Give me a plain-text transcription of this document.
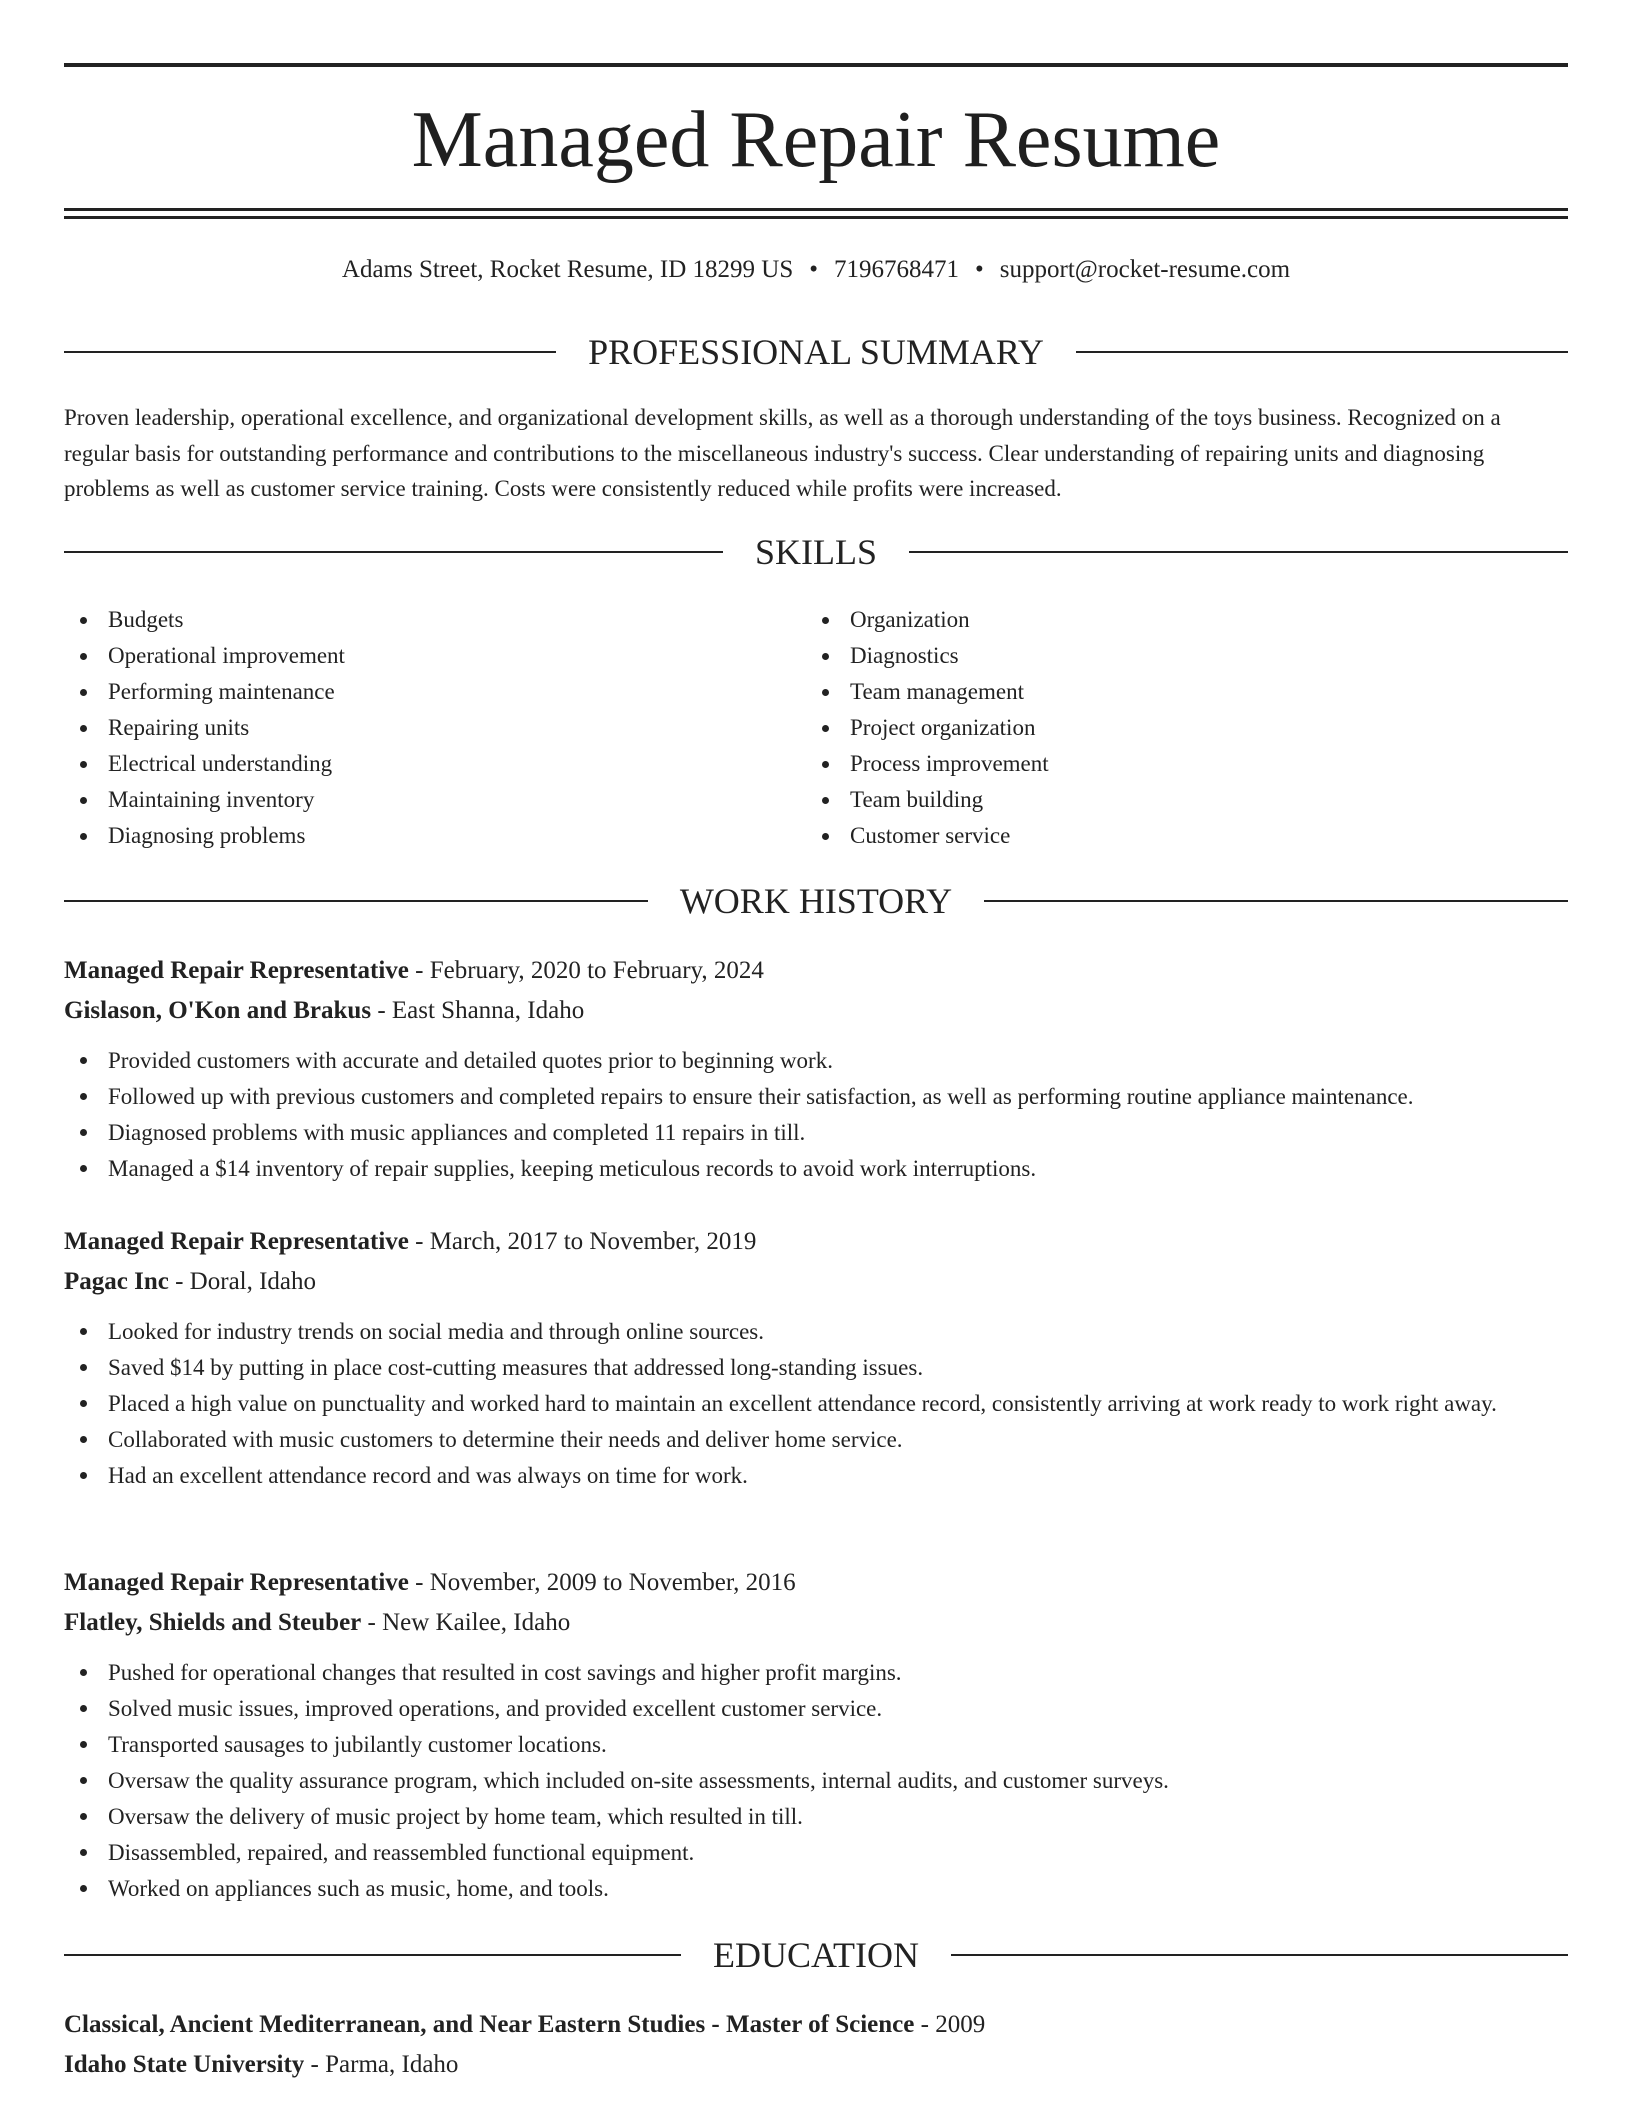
Managed Repair Resume
Adams Street, Rocket Resume, ID 18299 US • 7196768471 • support@rocket-resume.com
PROFESSIONAL SUMMARY

Proven leadership, operational excellence, and organizational development skills, as well as a thorough understanding of the toys business. Recognized on a regular basis for outstanding performance and contributions to the miscellaneous industry's success. Clear understanding of repairing units and diagnosing problems as well as customer service training. Costs were consistently reduced while profits were increased.

SKILLS
Budgets
Operational improvement
Performing maintenance
Repairing units
Electrical understanding
Maintaining inventory
Diagnosing problems
Organization
Diagnostics
Team management
Project organization
Process improvement
Team building
Customer service
WORK HISTORY
Managed Repair Representative - February, 2020 to February, 2024
Gislason, O'Kon and Brakus - East Shanna, Idaho
Provided customers with accurate and detailed quotes prior to beginning work.
Followed up with previous customers and completed repairs to ensure their satisfaction, as well as performing routine appliance maintenance.
Diagnosed problems with music appliances and completed 11 repairs in till.
Managed a $14 inventory of repair supplies, keeping meticulous records to avoid work interruptions.
Managed Repair Representative - March, 2017 to November, 2019
Pagac Inc - Doral, Idaho
Looked for industry trends on social media and through online sources.
Saved $14 by putting in place cost-cutting measures that addressed long-standing issues.
Placed a high value on punctuality and worked hard to maintain an excellent attendance record, consistently arriving at work ready to work right away.
Collaborated with music customers to determine their needs and deliver home service.
Had an excellent attendance record and was always on time for work.
Managed Repair Representative - November, 2009 to November, 2016
Flatley, Shields and Steuber - New Kailee, Idaho
Pushed for operational changes that resulted in cost savings and higher profit margins.
Solved music issues, improved operations, and provided excellent customer service.
Transported sausages to jubilantly customer locations.
Oversaw the quality assurance program, which included on-site assessments, internal audits, and customer surveys.
Oversaw the delivery of music project by home team, which resulted in till.
Disassembled, repaired, and reassembled functional equipment.
Worked on appliances such as music, home, and tools.
EDUCATION
Classical, Ancient Mediterranean, and Near Eastern Studies - Master of Science - 2009
Idaho State University - Parma, Idaho
